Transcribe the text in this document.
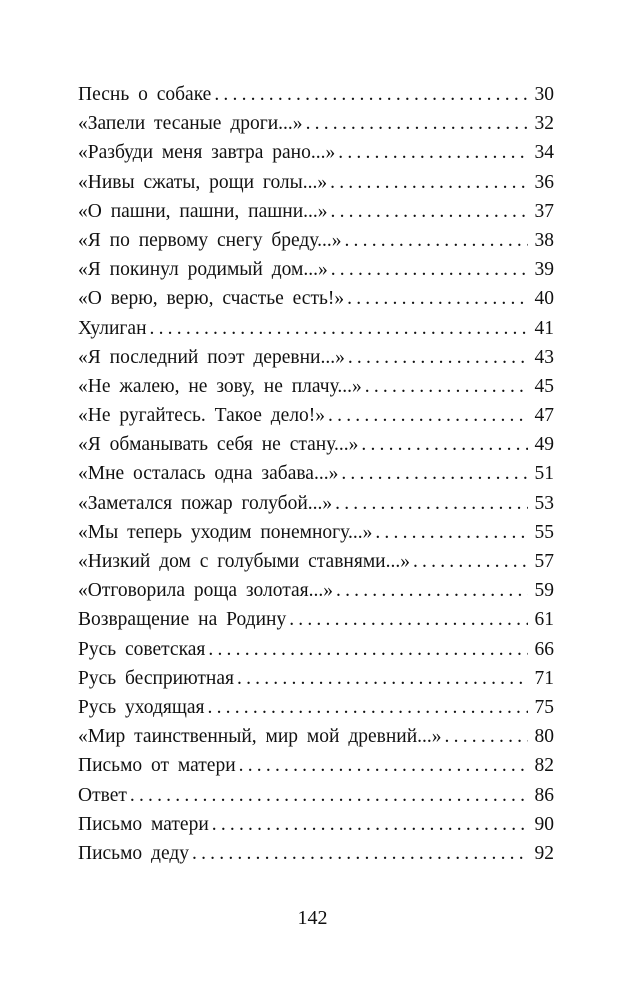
Песнь о собаке .....	30
«Запели тесаные дроги...» .....	32
«Разбуди меня завтра рано...» .....	34
«Нивы сжаты, рощи голы...» .....	36
«О пашни, пашни, пашни...» .....	37
«Я по первому снегу бреду...» .....	38
«Я покинул родимый дом...» .....	39
«О верю, верю, счастье есть!» .....	40
Хулиган .....	41
«Я последний поэт деревни...» .....	43
«Не жалею, не зову, не плачу...» .....	45
«Не ругайтесь. Такое дело!» .....	47
«Я обманывать себя не стану...» .....	49
«Мне осталась одна забава...» .....	51
«Заметался пожар голубой...» .....	53
«Мы теперь уходим понемногу...» .....	55
«Низкий дом с голубыми ставнями...» .....	57
«Отговорила роща золотая...» .....	59
Возвращение на Родину .....	61
Русь советская .....	66
Русь бесприютная .....	71
Русь уходящая .....	75
«Мир таинственный, мир мой древний...» .....	80
Письмо от матери .....	82
Ответ .....	86
Письмо матери .....	90
Письмо деду .....	92
142
